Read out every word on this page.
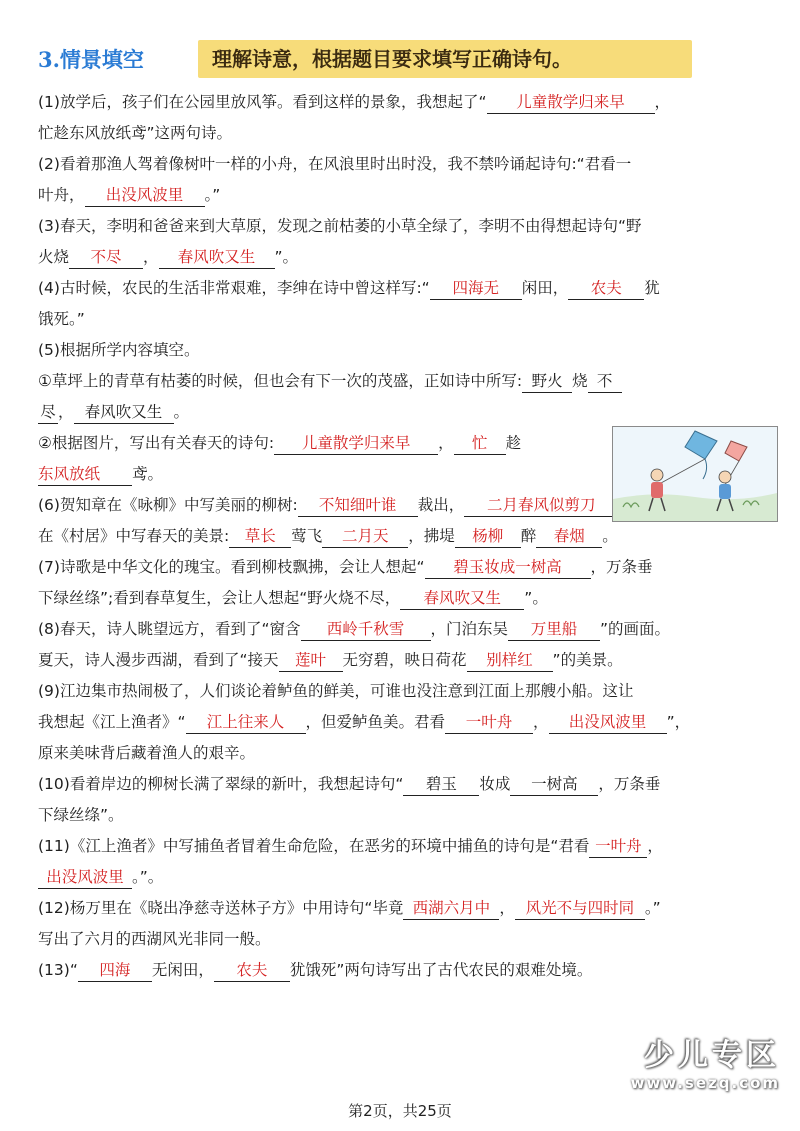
3.情景填空	理解诗意，根据题目要求填写正确诗句。
(1)放学后，孩子们在公园里放风筝。看到这样的景象，我想起了“ 儿童散学归来早 ，
忙趁东风放纸鸢”这两句诗。
(2)看着那渔人驾着像树叶一样的小舟，在风浪里时出时没，我不禁吟诵起诗句:“君看一
叶舟， 出没风波里 。”
(3)春天，李明和爸爸来到大草原，发现之前枯萎的小草全绿了，李明不由得想起诗句“野
火烧 不尽 ， 春风吹又生 ”。
(4)古时候，农民的生活非常艰难，李绅在诗中曾这样写:“ 四海无 闲田， 农夫 犹
饿死。”
(5)根据所学内容填空。
①草坪上的青草有枯萎的时候，但也会有下一次的茂盛，正如诗中所写: 野火 烧 不
尽 ， 春风吹又生 。
②根据图片，写出有关春天的诗句: 儿童散学归来早 ， 忙 趁
东风放纸 鸢。
(6)贺知章在《咏柳》中写美丽的柳树: 不知细叶谁 裁出， 二月春风似剪刀
在《村居》中写春天的美景: 草长 莺飞 二月天 ，拂堤 杨柳 醉 春烟 。
(7)诗歌是中华文化的瑰宝。看到柳枝飘拂，会让人想起“ 碧玉妆成一树高 ，万条垂
下绿丝绦”;看到春草复生，会让人想起“野火烧不尽， 春风吹又生 ”。
(8)春天，诗人眺望远方，看到了“窗含 西岭千秋雪 ，门泊东吴 万里船 ”的画面。
夏天，诗人漫步西湖，看到了“接天 莲叶 无穷碧，映日荷花 别样红 ”的美景。
(9)江边集市热闹极了，人们谈论着鲈鱼的鲜美，可谁也没注意到江面上那艘小船。这让
我想起《江上渔者》“ 江上往来人 ，但爱鲈鱼美。君看 一叶舟 ， 出没风波里 ”，
原来美味背后藏着渔人的艰辛。
(10)看着岸边的柳树长满了翠绿的新叶，我想起诗句“ 碧玉 妆成 一树高 ，万条垂
下绿丝绦”。
(11)《江上渔者》中写捕鱼者冒着生命危险，在恶劣的环境中捕鱼的诗句是“君看 一叶舟 ，
出没风波里 。”。
(12)杨万里在《晓出净慈寺送林子方》中用诗句“毕竟 西湖六月中 ， 风光不与四时同 。”
写出了六月的西湖风光非同一般。
(13)“ 四海 无闲田， 农夫 犹饿死”两句诗写出了古代农民的艰难处境。
少儿专区
www.sezq.com
第2页，共25页
